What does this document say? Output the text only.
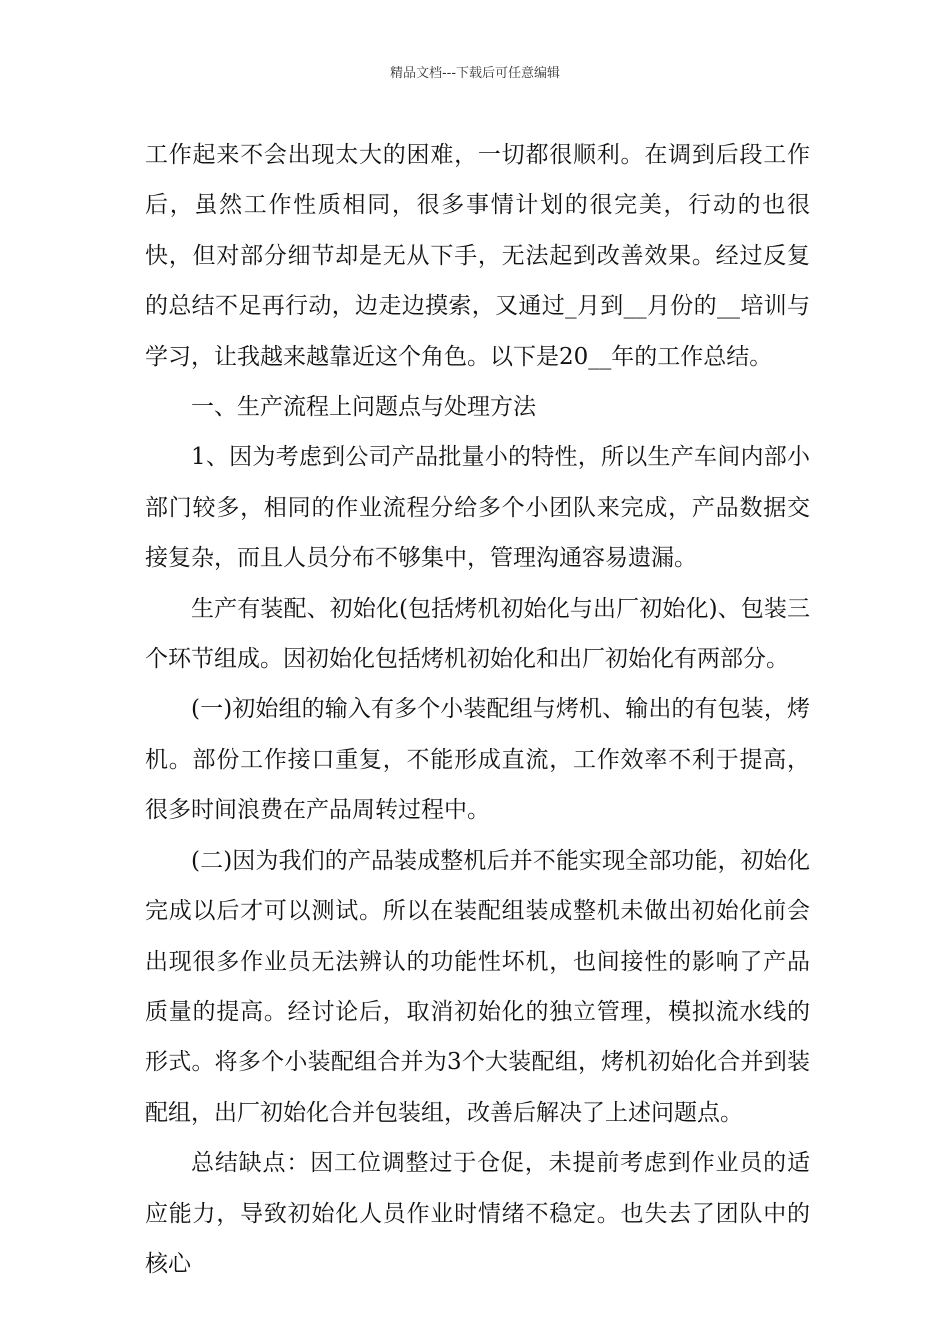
精品文档---下载后可任意编辑

工作起来不会出现太大的困难，一切都很顺利。在调到后段工作后，虽然工作性质相同，很多事情计划的很完美，行动的也很快，但对部分细节却是无从下手，无法起到改善效果。经过反复的总结不足再行动，边走边摸索，又通过_月到__月份的__培训与学习，让我越来越靠近这个角色。以下是20__年的工作总结。

一、生产流程上问题点与处理方法

1、因为考虑到公司产品批量小的特性，所以生产车间内部小部门较多，相同的作业流程分给多个小团队来完成，产品数据交接复杂，而且人员分布不够集中，管理沟通容易遗漏。

生产有装配、初始化(包括烤机初始化与出厂初始化)、包装三个环节组成。因初始化包括烤机初始化和出厂初始化有两部分。

(一)初始组的输入有多个小装配组与烤机、输出的有包装，烤机。部份工作接口重复，不能形成直流，工作效率不利于提高，很多时间浪费在产品周转过程中。

(二)因为我们的产品装成整机后并不能实现全部功能，初始化完成以后才可以测试。所以在装配组装成整机未做出初始化前会出现很多作业员无法辨认的功能性坏机，也间接性的影响了产品质量的提高。经讨论后，取消初始化的独立管理，模拟流水线的形式。将多个小装配组合并为3个大装配组，烤机初始化合并到装配组，出厂初始化合并包装组，改善后解决了上述问题点。

总结缺点：因工位调整过于仓促，未提前考虑到作业员的适应能力，导致初始化人员作业时情绪不稳定。也失去了团队中的核心
